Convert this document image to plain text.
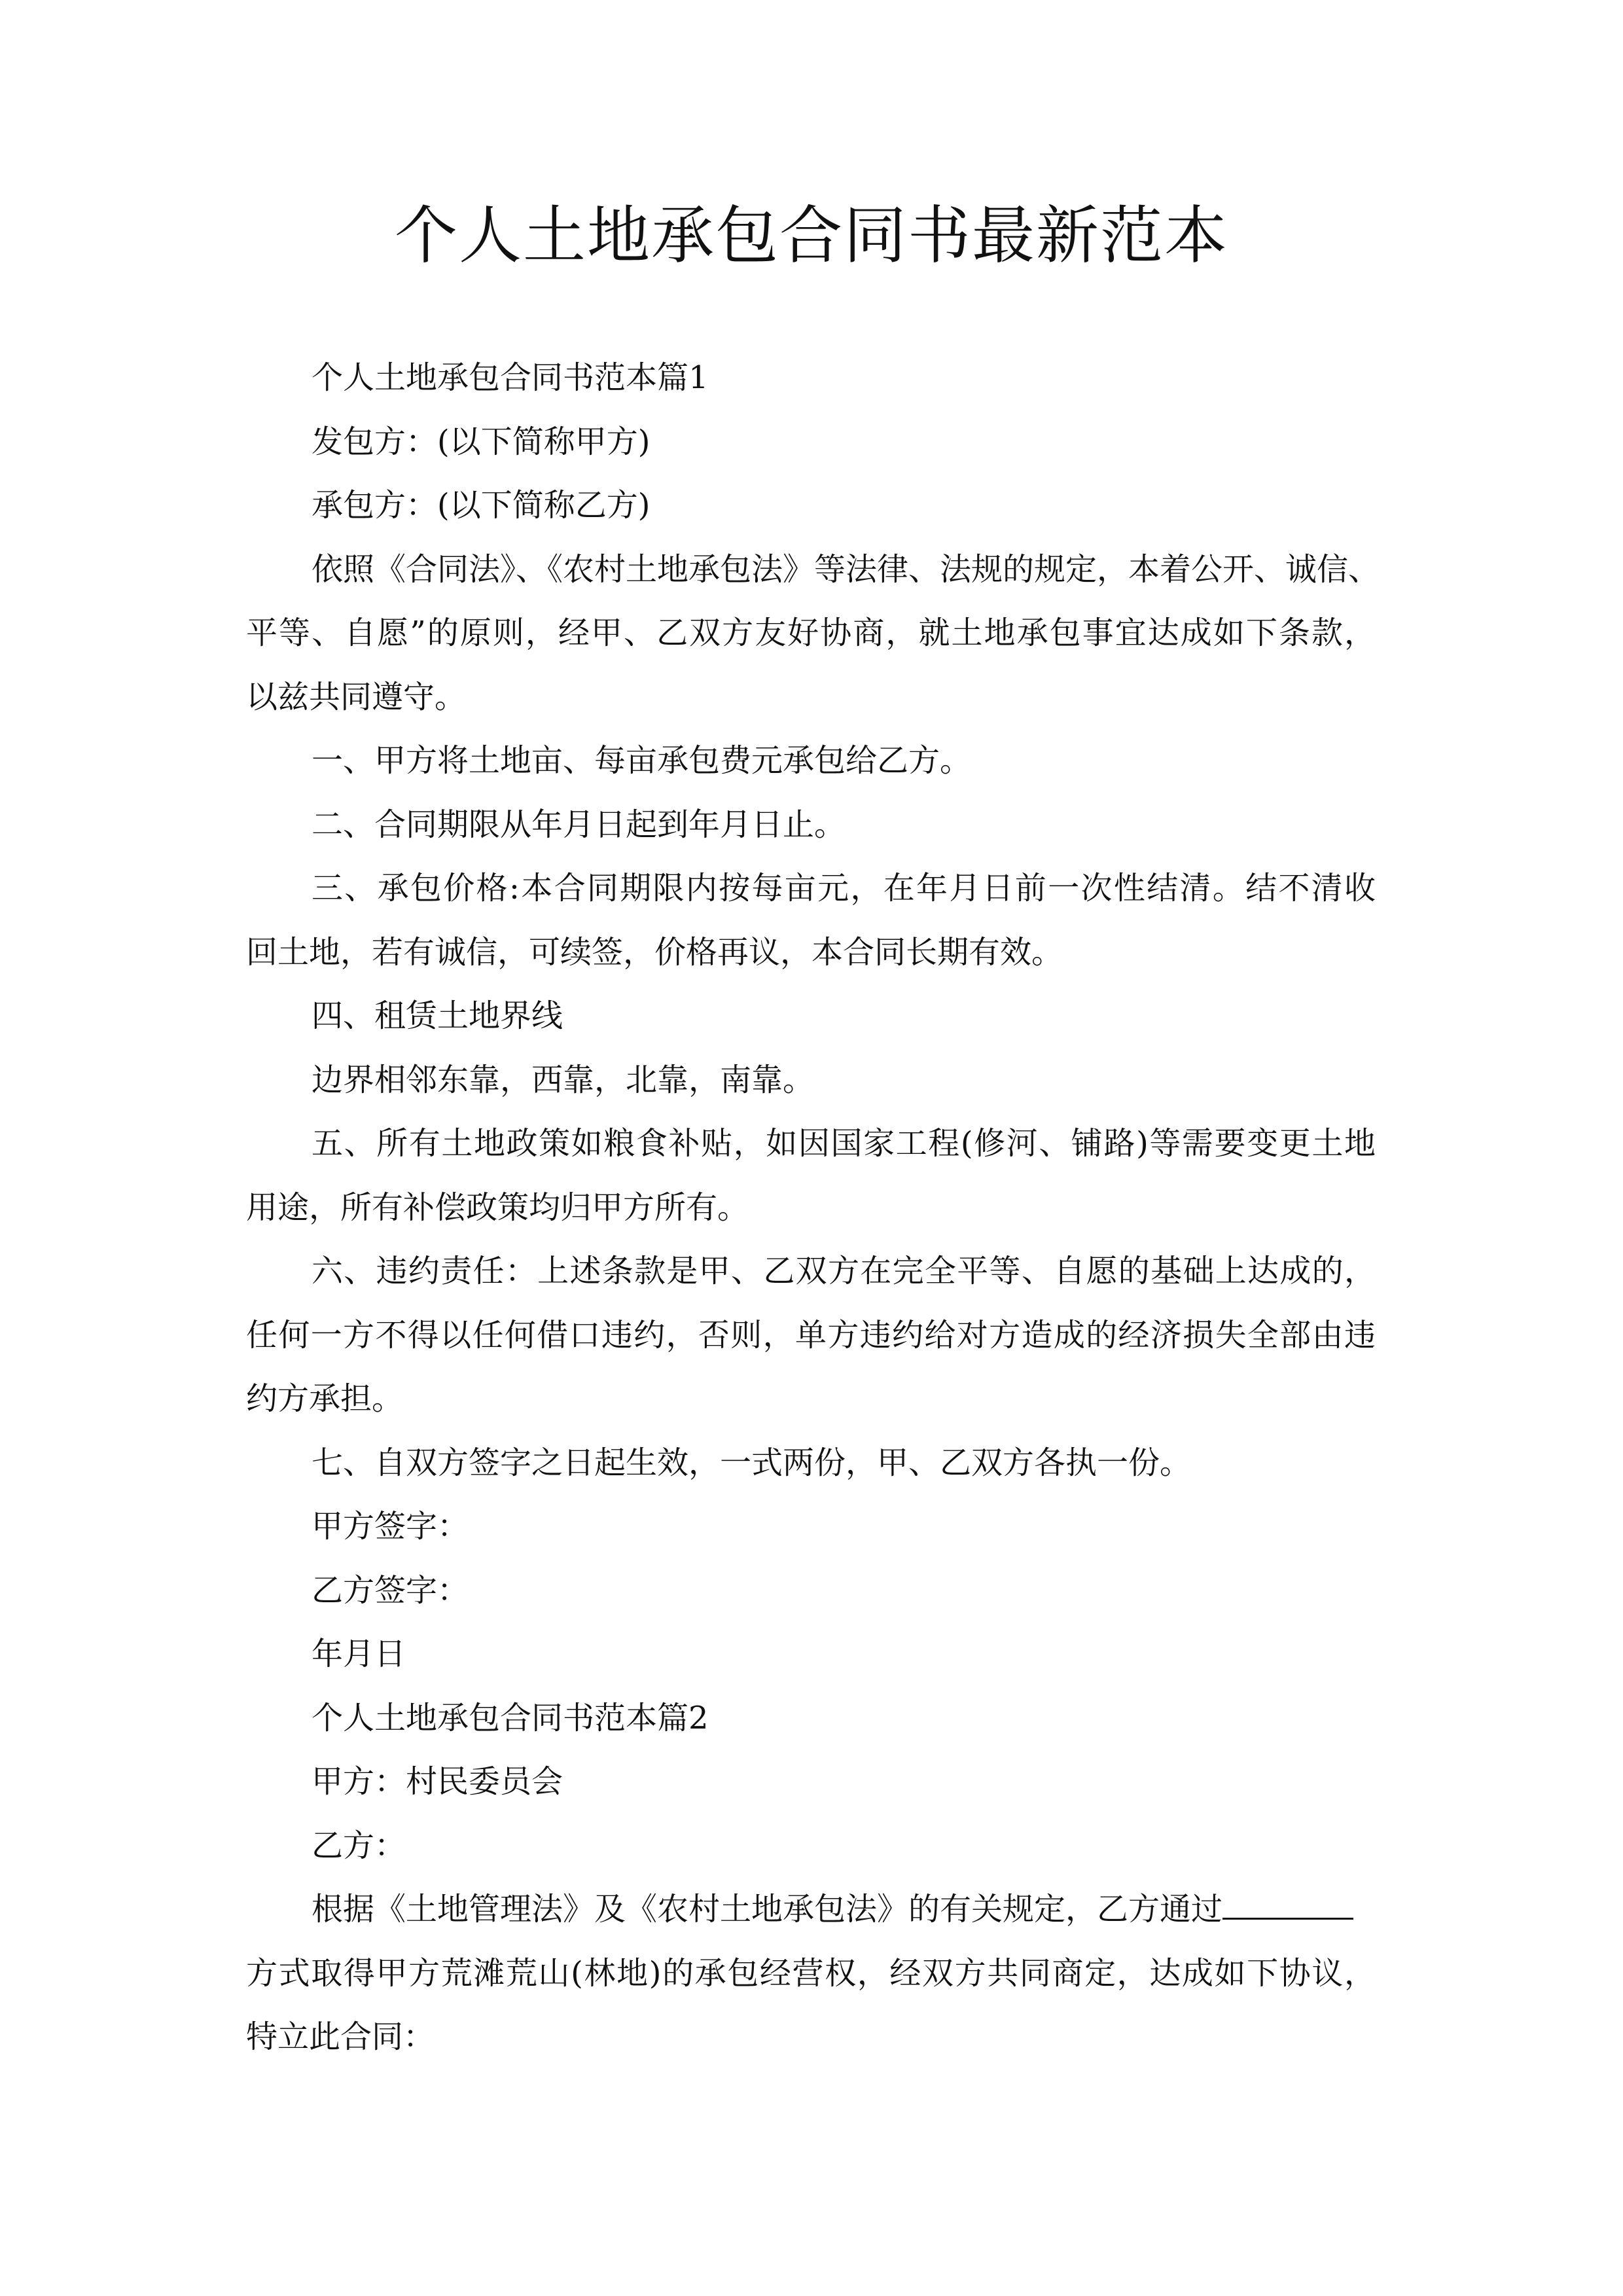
个人土地承包合同书最新范本
个人土地承包合同书范本篇1
发包方：(以下简称甲方)
承包方：(以下简称乙方)
依照《合同法》、《农村土地承包法》等法律、法规的规定，本着公开、诚信、
平等、自愿”的原则，经甲、乙双方友好协商，就土地承包事宜达成如下条款，
以兹共同遵守。
一、甲方将土地亩、每亩承包费元承包给乙方。
二、合同期限从年月日起到年月日止。
三、承包价格:本合同期限内按每亩元，在年月日前一次性结清。结不清收
回土地，若有诚信，可续签，价格再议，本合同长期有效。
四、租赁土地界线
边界相邻东靠，西靠，北靠，南靠。
五、所有土地政策如粮食补贴，如因国家工程(修河、铺路)等需要变更土地
用途，所有补偿政策均归甲方所有。
六、违约责任：上述条款是甲、乙双方在完全平等、自愿的基础上达成的，
任何一方不得以任何借口违约，否则，单方违约给对方造成的经济损失全部由违
约方承担。
七、自双方签字之日起生效，一式两份，甲、乙双方各执一份。
甲方签字：
乙方签字：
年月日
个人土地承包合同书范本篇2
甲方：村民委员会
乙方：
根据《土地管理法》及《农村土地承包法》的有关规定，乙方通过
方式取得甲方荒滩荒山(林地)的承包经营权，经双方共同商定，达成如下协议，
特立此合同：
